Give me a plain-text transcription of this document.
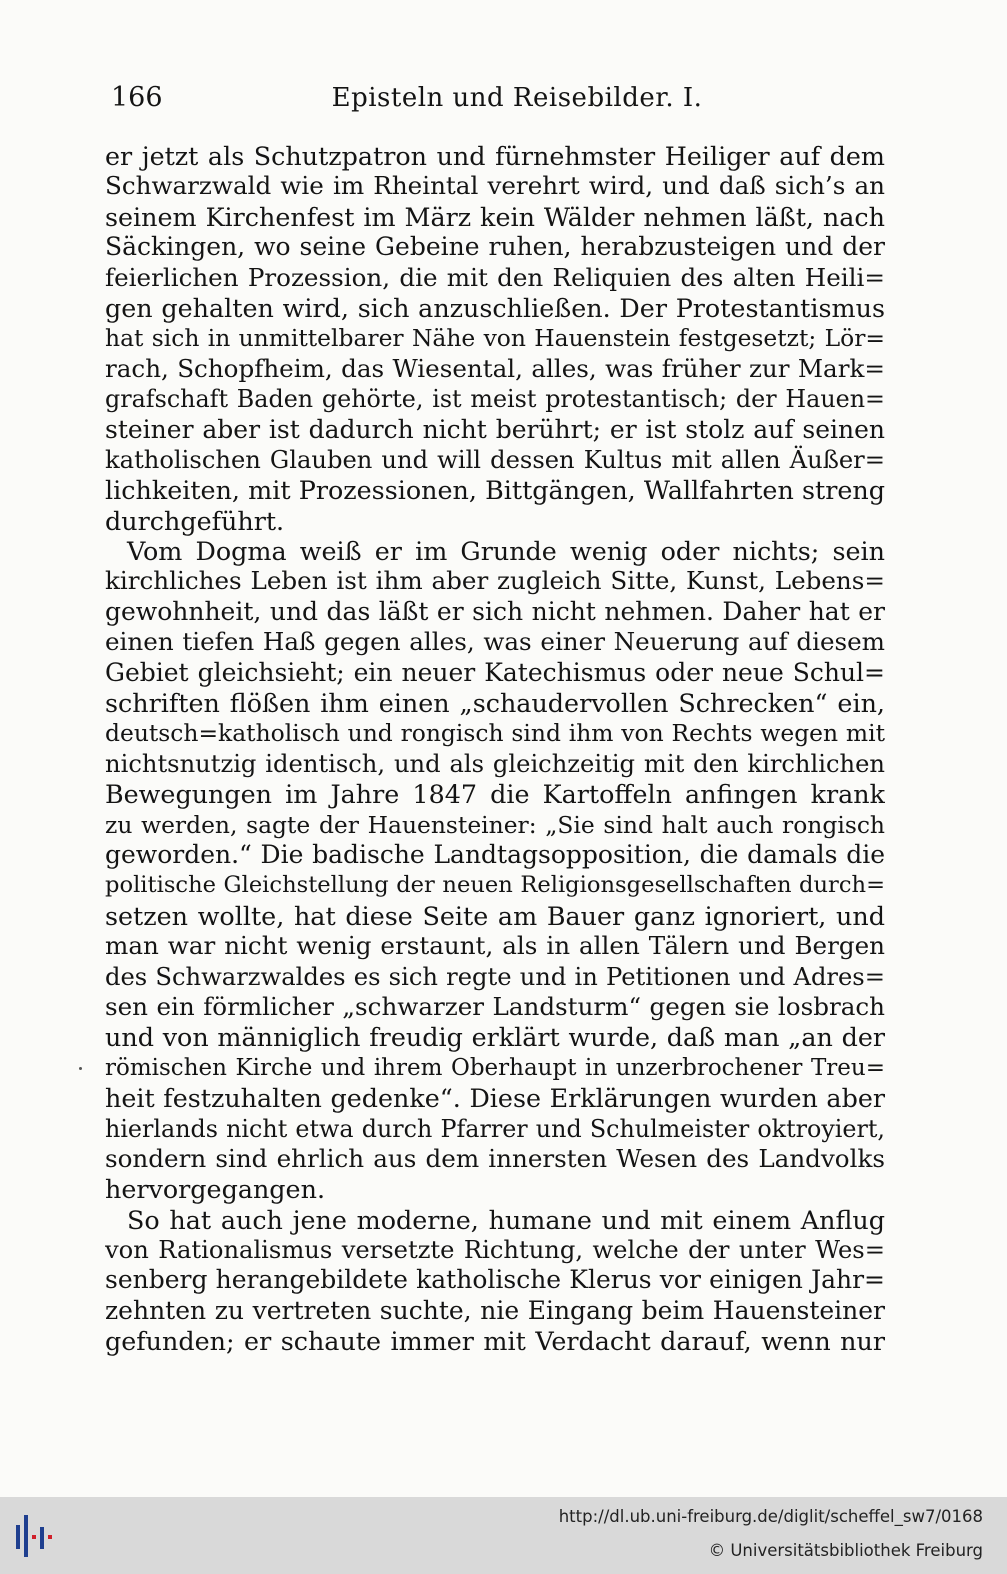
166	Episteln und Reisebilder. I.
er jetzt als Schutzpatron und fürnehmster Heiliger auf dem
Schwarzwald wie im Rheintal verehrt wird, und daß sich’s an
seinem Kirchenfest im März kein Wälder nehmen läßt, nach
Säckingen, wo seine Gebeine ruhen, herabzusteigen und der
feierlichen Prozession, die mit den Reliquien des alten Heili=
gen gehalten wird, sich anzuschließen. Der Protestantismus
hat sich in unmittelbarer Nähe von Hauenstein festgesetzt; Lör=
rach, Schopfheim, das Wiesental, alles, was früher zur Mark=
grafschaft Baden gehörte, ist meist protestantisch; der Hauen=
steiner aber ist dadurch nicht berührt; er ist stolz auf seinen
katholischen Glauben und will dessen Kultus mit allen Äußer=
lichkeiten, mit Prozessionen, Bittgängen, Wallfahrten streng
durchgeführt.
Vom Dogma weiß er im Grunde wenig oder nichts; sein
kirchliches Leben ist ihm aber zugleich Sitte, Kunst, Lebens=
gewohnheit, und das läßt er sich nicht nehmen. Daher hat er
einen tiefen Haß gegen alles, was einer Neuerung auf diesem
Gebiet gleichsieht; ein neuer Katechismus oder neue Schul=
schriften flößen ihm einen „schaudervollen Schrecken“ ein,
deutsch=katholisch und rongisch sind ihm von Rechts wegen mit
nichtsnutzig identisch, und als gleichzeitig mit den kirchlichen
Bewegungen im Jahre 1847 die Kartoffeln anfingen krank
zu werden, sagte der Hauensteiner: „Sie sind halt auch rongisch
geworden.“ Die badische Landtagsopposition, die damals die
politische Gleichstellung der neuen Religionsgesellschaften durch=
setzen wollte, hat diese Seite am Bauer ganz ignoriert, und
man war nicht wenig erstaunt, als in allen Tälern und Bergen
des Schwarzwaldes es sich regte und in Petitionen und Adres=
sen ein förmlicher „schwarzer Landsturm“ gegen sie losbrach
und von männiglich freudig erklärt wurde, daß man „an der
römischen Kirche und ihrem Oberhaupt in unzerbrochener Treu=
heit festzuhalten gedenke“. Diese Erklärungen wurden aber
hierlands nicht etwa durch Pfarrer und Schulmeister oktroyiert,
sondern sind ehrlich aus dem innersten Wesen des Landvolks
hervorgegangen.
So hat auch jene moderne, humane und mit einem Anflug
von Rationalismus versetzte Richtung, welche der unter Wes=
senberg herangebildete katholische Klerus vor einigen Jahr=
zehnten zu vertreten suchte, nie Eingang beim Hauensteiner
gefunden; er schaute immer mit Verdacht darauf, wenn nur
http://dl.ub.uni-freiburg.de/diglit/scheffel_sw7/0168
© Universitätsbibliothek Freiburg
